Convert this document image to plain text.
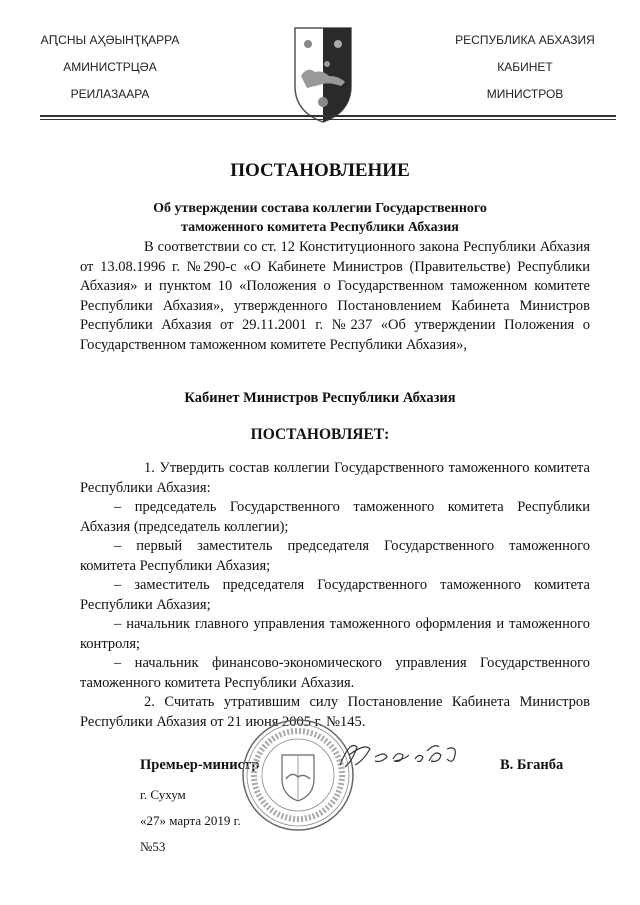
АԤСНЫ АҲӘЫНҬҚАРРА
АМИНИСТРЦӘА
РЕИЛАЗААРА
РЕСПУБЛИКА АБХАЗИЯ
КАБИНЕТ
МИНИСТРОВ
ПОСТАНОВЛЕНИЕ
Об утверждении состава коллегии Государственного
таможенного комитета Республики Абхазия
В соответствии со ст. 12 Конституционного закона Республики Абхазия от 13.08.1996 г. №290-с «О Кабинете Министров (Правительстве) Республики Абхазия» и пунктом 10 «Положения о Государственном таможенном комитете Республики Абхазия», утвержденного Постановлением Кабинета Министров Республики Абхазия от 29.11.2001 г. №237 «Об утверждении Положения о Государственном таможенном комитете Республики Абхазия»,
Кабинет Министров Республики Абхазия
ПОСТАНОВЛЯЕТ:

1. Утвердить состав коллегии Государственного таможенного комитета Республики Абхазия:

– председатель Государственного таможенного комитета Республики Абхазия (председатель коллегии);

– первый заместитель председателя Государственного таможенного комитета Республики Абхазия;

– заместитель председателя Государственного таможенного комитета Республики Абхазия;

– начальник главного управления таможенного оформления и таможенного контроля;

– начальник финансово-экономического управления Государственного таможенного комитета Республики Абхазия.

2. Считать утратившим силу Постановление Кабинета Министров Республики Абхазия от 21 июня 2005 г. №145.

Премьер-министр	В. Бганба
г. Сухум
«27» марта 2019 г.
№53
